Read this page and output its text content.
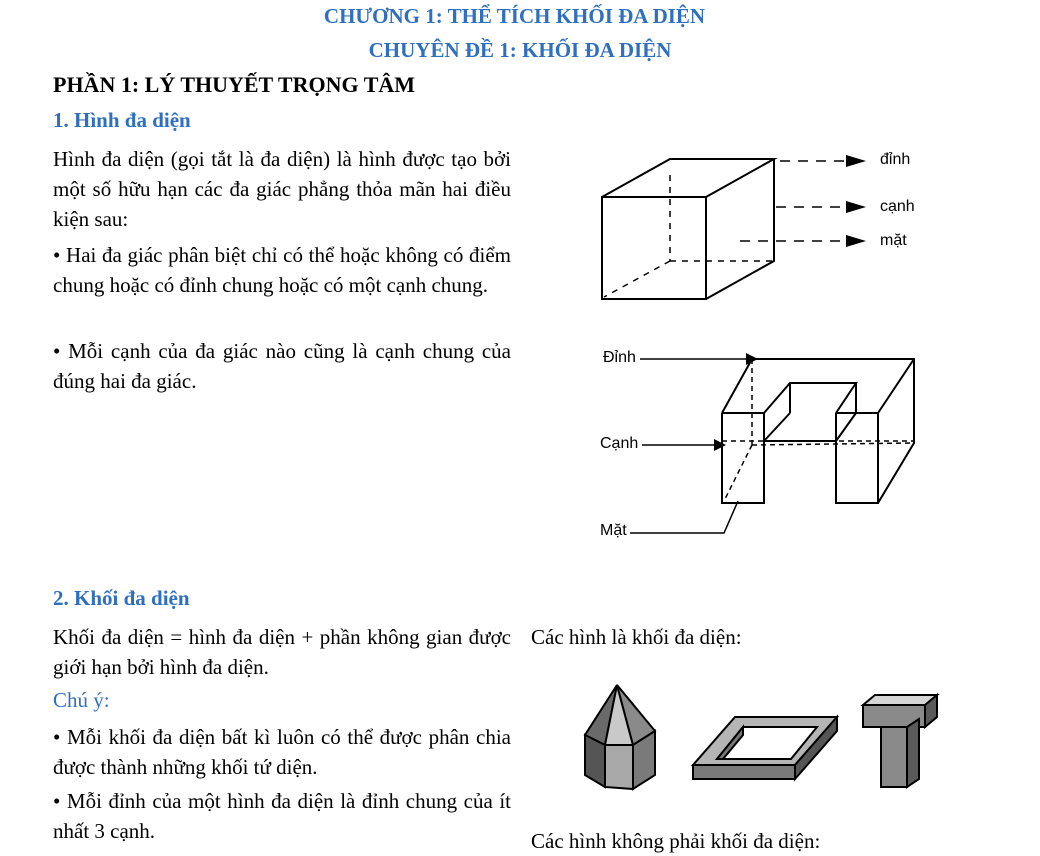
CHƯƠNG 1: THỂ TÍCH KHỐI ĐA DIỆN
CHUYÊN ĐỀ 1: KHỐI ĐA DIỆN
PHẦN 1: LÝ THUYẾT TRỌNG TÂM
1. Hình đa diện
Hình đa diện (gọi tắt là đa diện) là hình được tạo bởi một số hữu hạn các đa giác phẳng thỏa mãn hai điều kiện sau:
• Hai đa giác phân biệt chỉ có thể hoặc không có điểm chung hoặc có đỉnh chung hoặc có một cạnh chung.
• Mỗi cạnh của đa giác nào cũng là cạnh chung của đúng hai đa giác.
đỉnh
cạnh
mặt
Đỉnh
Cạnh
Mặt
2. Khối đa diện
Khối đa diện = hình đa diện + phần không gian được giới hạn bởi hình đa diện.
Chú ý:
• Mỗi khối đa diện bất kì luôn có thể được phân chia được thành những khối tứ diện.
• Mỗi đỉnh của một hình đa diện là đỉnh chung của ít nhất 3 cạnh.
Các hình là khối đa diện:
Các hình không phải khối đa diện:
